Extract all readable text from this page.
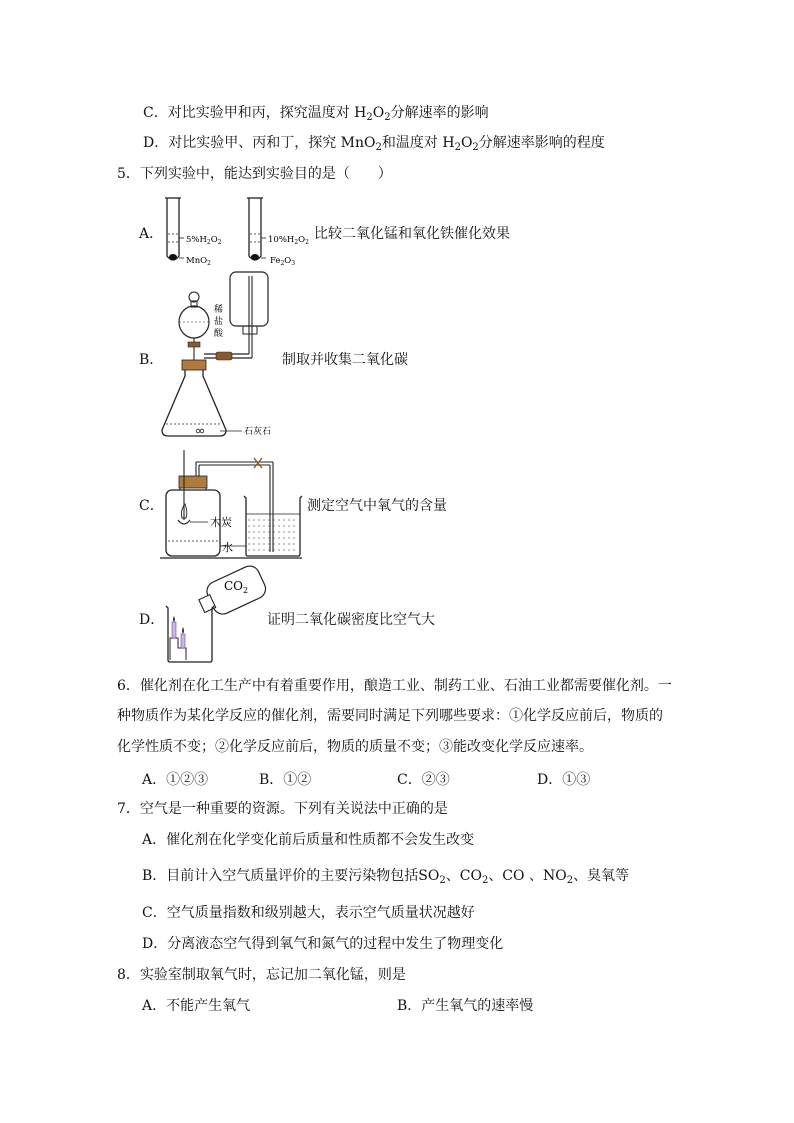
C．对比实验甲和丙，探究温度对 $H_2O_2$分解速率的影响
D．对比实验甲、丙和丁，探究 MnO$_2$和温度对 $H_2O_2$分解速率影响的程度
5．下列实验中，能达到实验目的是（　　）
A．	$5\%H_2O_2$
MnO$_2$
$10\%H_2O_2$
$Fe_2O_3$
比较二氧化锰和氧化铁催化效果
B．
稀
盐
酸
石灰石
制取并收集二氧化碳
C．
木炭
水
测定空气中氧气的含量
D．
$CO_2$
证明二氧化碳密度比空气大
6．催化剂在化工生产中有着重要作用，酿造工业、制药工业、石油工业都需要催化剂。一
种物质作为某化学反应的催化剂，需要同时满足下列哪些要求：①化学反应前后，物质的
化学性质不变；②化学反应前后，物质的质量不变；③能改变化学反应速率。
A．①②③	B．①②	C．②③	D．①③
7．空气是一种重要的资源。下列有关说法中正确的是
A．催化剂在化学变化前后质量和性质都不会发生改变
B．目前计入空气质量评价的主要污染物包括$SO_2$、$CO_2$、CO 、$NO_2$、臭氧等
C．空气质量指数和级别越大，表示空气质量状况越好
D．分离液态空气得到氧气和氮气的过程中发生了物理变化
8．实验室制取氧气时，忘记加二氧化锰，则是
A．不能产生氧气	B．产生氧气的速率慢
